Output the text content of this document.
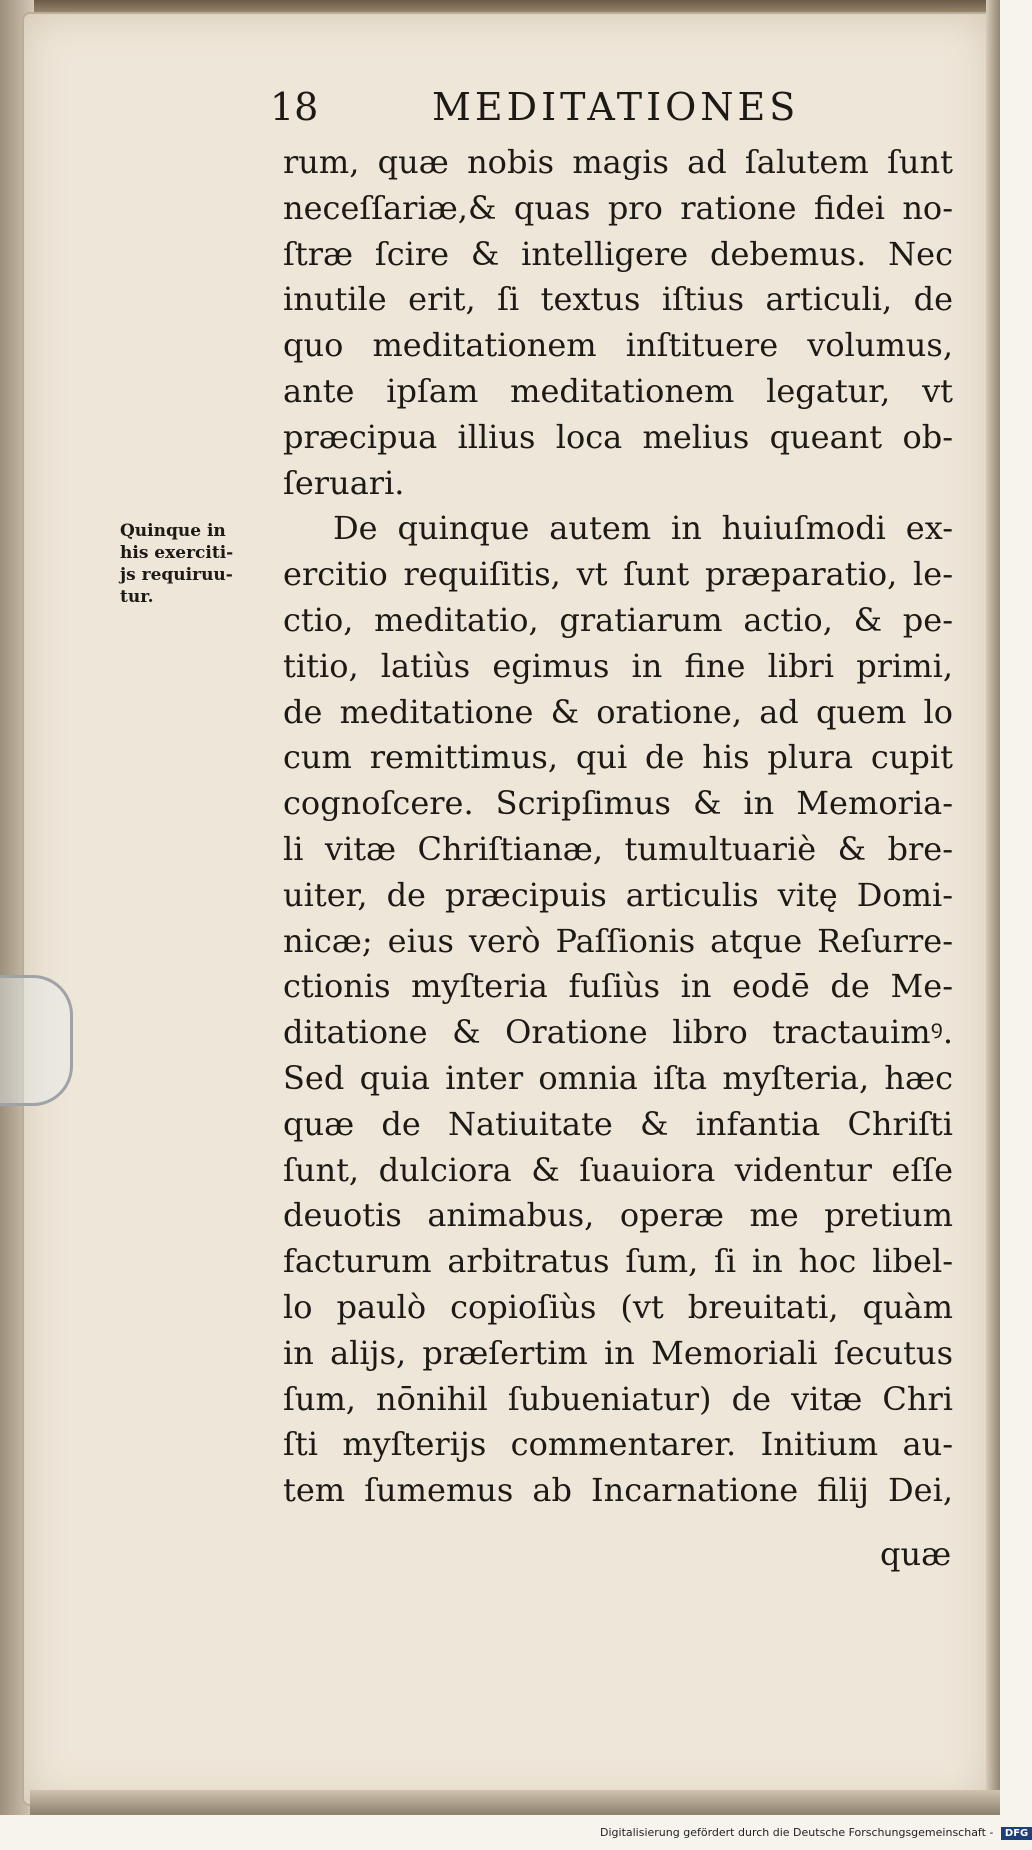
18	MEDITATIONES
Quinque in
his exerciti-
js requiruu-
tur.
rum, quæ nobis magis ad ſalutem ſunt
neceſſariæ,& quas pro ratione fidei no-
ſtræ ſcire & intelligere debemus. Nec
inutile erit, ſi textus iſtius articuli, de
quo meditationem inſtituere volumus,
ante ipſam meditationem legatur, vt
præcipua illius loca melius queant ob-
ſeruari.
De quinque autem in huiuſmodi ex-
ercitio requiſitis, vt ſunt præparatio, le-
ctio, meditatio, gratiarum actio, & pe-
titio, latiùs egimus in fine libri primi,
de meditatione & oratione, ad quem lo
cum remittimus, qui de his plura cupit
cognoſcere. Scripſimus & in Memoria-
li vitæ Chriſtianæ, tumultuariè & bre-
uiter, de præcipuis articulis vitę Domi-
nicæ; eius verò Paſſionis atque Reſurre-
ctionis myſteria fuſiùs in eodē de Me-
ditatione & Oratione libro tractauimꝰ.
Sed quia inter omnia iſta myſteria, hæc
quæ de Natiuitate & infantia Chriſti
ſunt, dulciora & ſuauiora videntur eſſe
deuotis animabus, operæ me pretium
facturum arbitratus ſum, ſi in hoc libel-
lo paulò copioſiùs (vt breuitati, quàm
in alijs, præſertim in Memoriali ſecutus
ſum, nōnihil ſubueniatur) de vitæ Chri
ſti myſterijs commentarer. Initium au-
tem ſumemus ab Incarnatione filij Dei,
quæ
Digitalisierung gefördert durch die Deutsche Forschungsgemeinschaft - DFG
